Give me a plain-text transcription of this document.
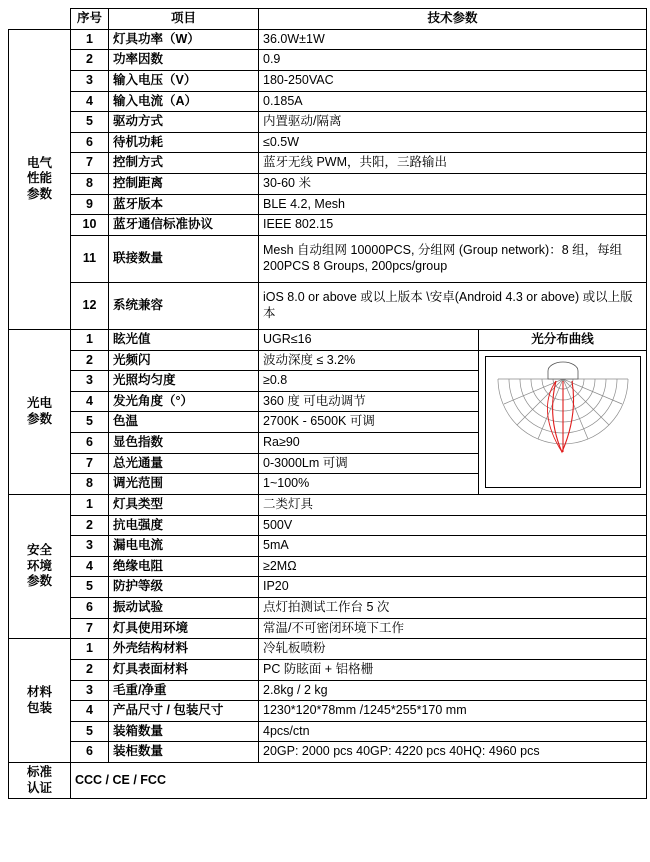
	序号	项目	技术参数	

电气
性能
参数	1	灯具功率（W）	36.0W±1W	
	2	功率因数	0.9	
	3	输入电压（V）	180-250VAC	
	4	输入电流（A）	0.185A	
	5	驱动方式	内置驱动/隔离	
	6	待机功耗	≤0.5W	
	7	控制方式	蓝牙无线 PWM，共阳，三路输出	
	8	控制距离	30-60 米	
	9	蓝牙版本	BLE 4.2, Mesh	
	10	蓝牙通信标准协议	IEEE 802.15	
	11	联接数量	Mesh 自动组网 10000PCS, 分组网 (Group network)：8 组，每组 200PCS 8 Groups, 200pcs/group	
	12	系统兼容	iOS 8.0 or above 或以上版本 \安卓(Android 4.3 or above) 或以上版本	

光电
参数	1	眩光值	UGR≤16	光分布曲线
	2	光频闪	波动深度 ≤ 3.2%	

	3	光照均匀度	≥0.8	
	4	发光角度（°）	360 度 可电动调节	
	5	色温	2700K - 6500K 可调	
	6	显色指数	Ra≥90	
	7	总光通量	0-3000Lm 可调	
	8	调光范围	1~100%	

安全
环境
参数	1	灯具类型	二类灯具	
	2	抗电强度	500V	
	3	漏电电流	5mA	
	4	绝缘电阻	≥2MΩ	
	5	防护等级	IP20	
	6	振动试验	点灯拍测试工作台 5 次	
	7	灯具使用环境	常温/不可密闭环境下工作	

材料
包装	1	外壳结构材料	冷轧板喷粉	
	2	灯具表面材料	PC 防眩面 + 铝格栅	
	3	毛重/净重	2.8kg / 2 kg	
	4	产品尺寸 / 包装尺寸	1230*120*78mm /1245*255*170 mm	
	5	装箱数量	4pcs/ctn	
	6	装柜数量	20GP: 2000 pcs 40GP: 4220 pcs 40HQ: 4960 pcs	

标准
认证	CCC / CE / FCC			
